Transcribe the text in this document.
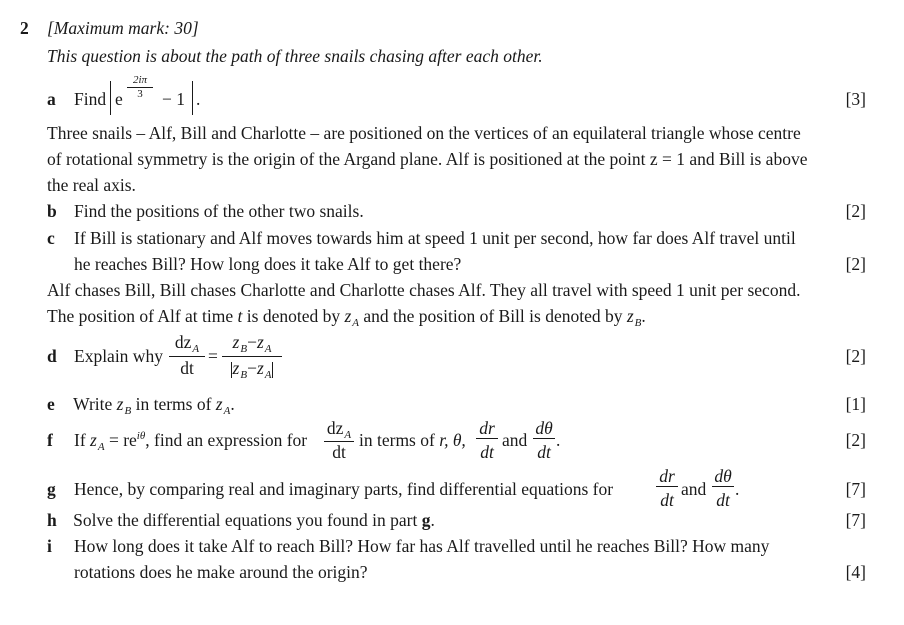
2 [Maximum mark: 30]
This question is about the path of three snails chasing after each other.
a Find e
2iπ
3	− 1 .	[3]
Three snails – Alf, Bill and Charlotte – are positioned on the vertices of an equilateral triangle whose centre
of rotational symmetry is the origin of the Argand plane. Alf is positioned at the point z = 1 and Bill is above
the real axis.
b Find the positions of the other two snails.	[2]
c If Bill is stationary and Alf moves towards him at speed 1 unit per second, how far does Alf travel until
he reaches Bill? How long does it take Alf to get there?	[2]
Alf chases Bill, Bill chases Charlotte and Charlotte chases Alf. They all travel with speed 1 unit per second.
The position of Alf at time t is denoted by $z_A$ and the position of Bill is denoted by $z_B$.
d Explain why
$dz_A$
dt
=
$z_B-z_A$
$z_B-z_A$
[2]
e Write $z_B$ in terms of $z_A$.	[1]
f If $z_A = re^{i\theta}$, find an expression for
$dz_A$
dt
in terms of r, θ,
dr
dt
and
dθ
dt
.	[2]
g Hence, by comparing real and imaginary parts, find differential equations for
dr
dt
and
dθ
dt
.	[7]
h Solve the differential equations you found in part g.	[7]
i How long does it take Alf to reach Bill? How far has Alf travelled until he reaches Bill? How many
rotations does he make around the origin?	[4]
